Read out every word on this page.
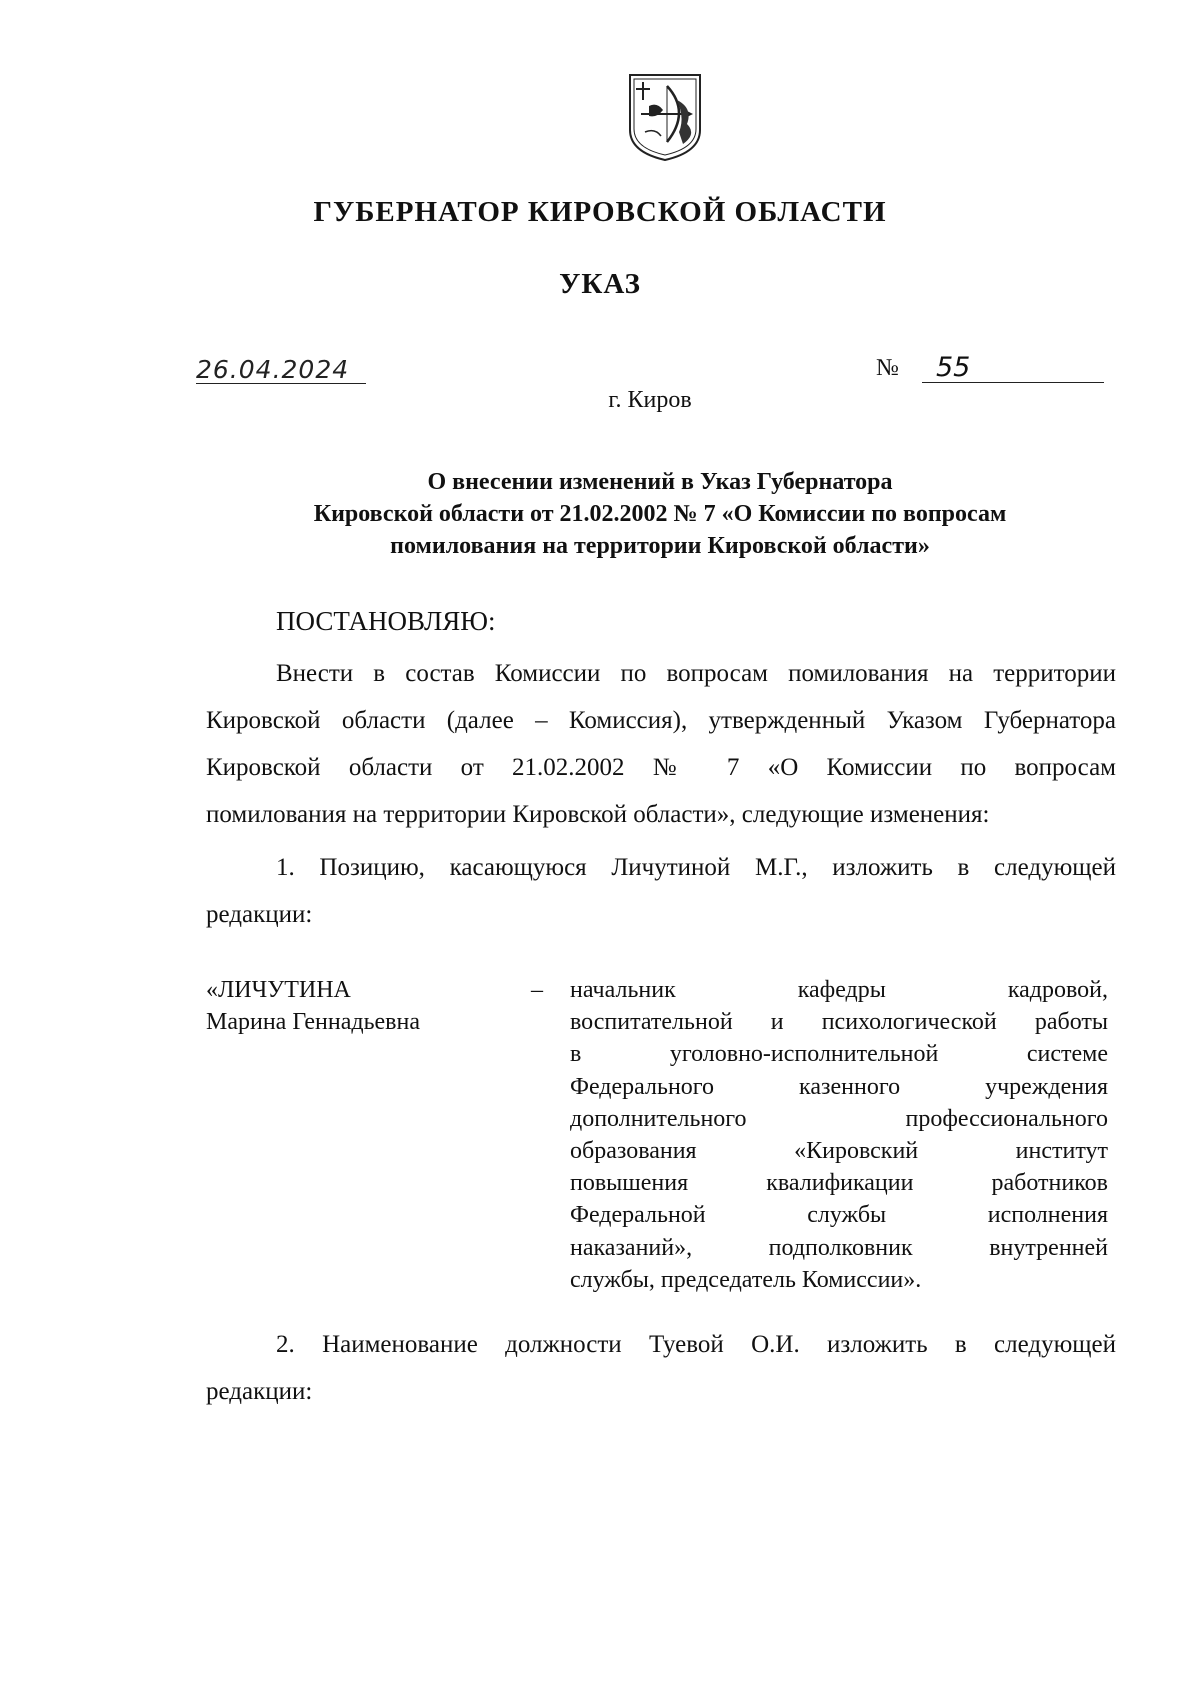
ГУБЕРНАТОР КИРОВСКОЙ ОБЛАСТИ
УКАЗ
26.04.2024	№	55
г. Киров
О внесении изменений в Указ Губернатора
Кировской области от 21.02.2002 № 7 «О Комиссии по вопросам
помилования на территории Кировской области»
ПОСТАНОВЛЯЮ:
Внести в состав Комиссии по вопросам помилования на территории
Кировской области (далее – Комиссия), утвержденный Указом Губернатора
Кировской области от 21.02.2002 № 7 «О Комиссии по вопросам
помилования на территории Кировской области», следующие изменения:
1. Позицию, касающуюся Личутиной М.Г., изложить в следующей
редакции:
«ЛИЧУТИНА
Марина Геннадьевна
– начальник кафедры кадровой,
воспитательной и психологической работы
в уголовно-исполнительной системе
Федерального казенного учреждения
дополнительного профессионального
образования «Кировский институт
повышения квалификации работников
Федеральной службы исполнения
наказаний», подполковник внутренней
службы, председатель Комиссии».
2. Наименование должности Туевой О.И. изложить в следующей
редакции:
